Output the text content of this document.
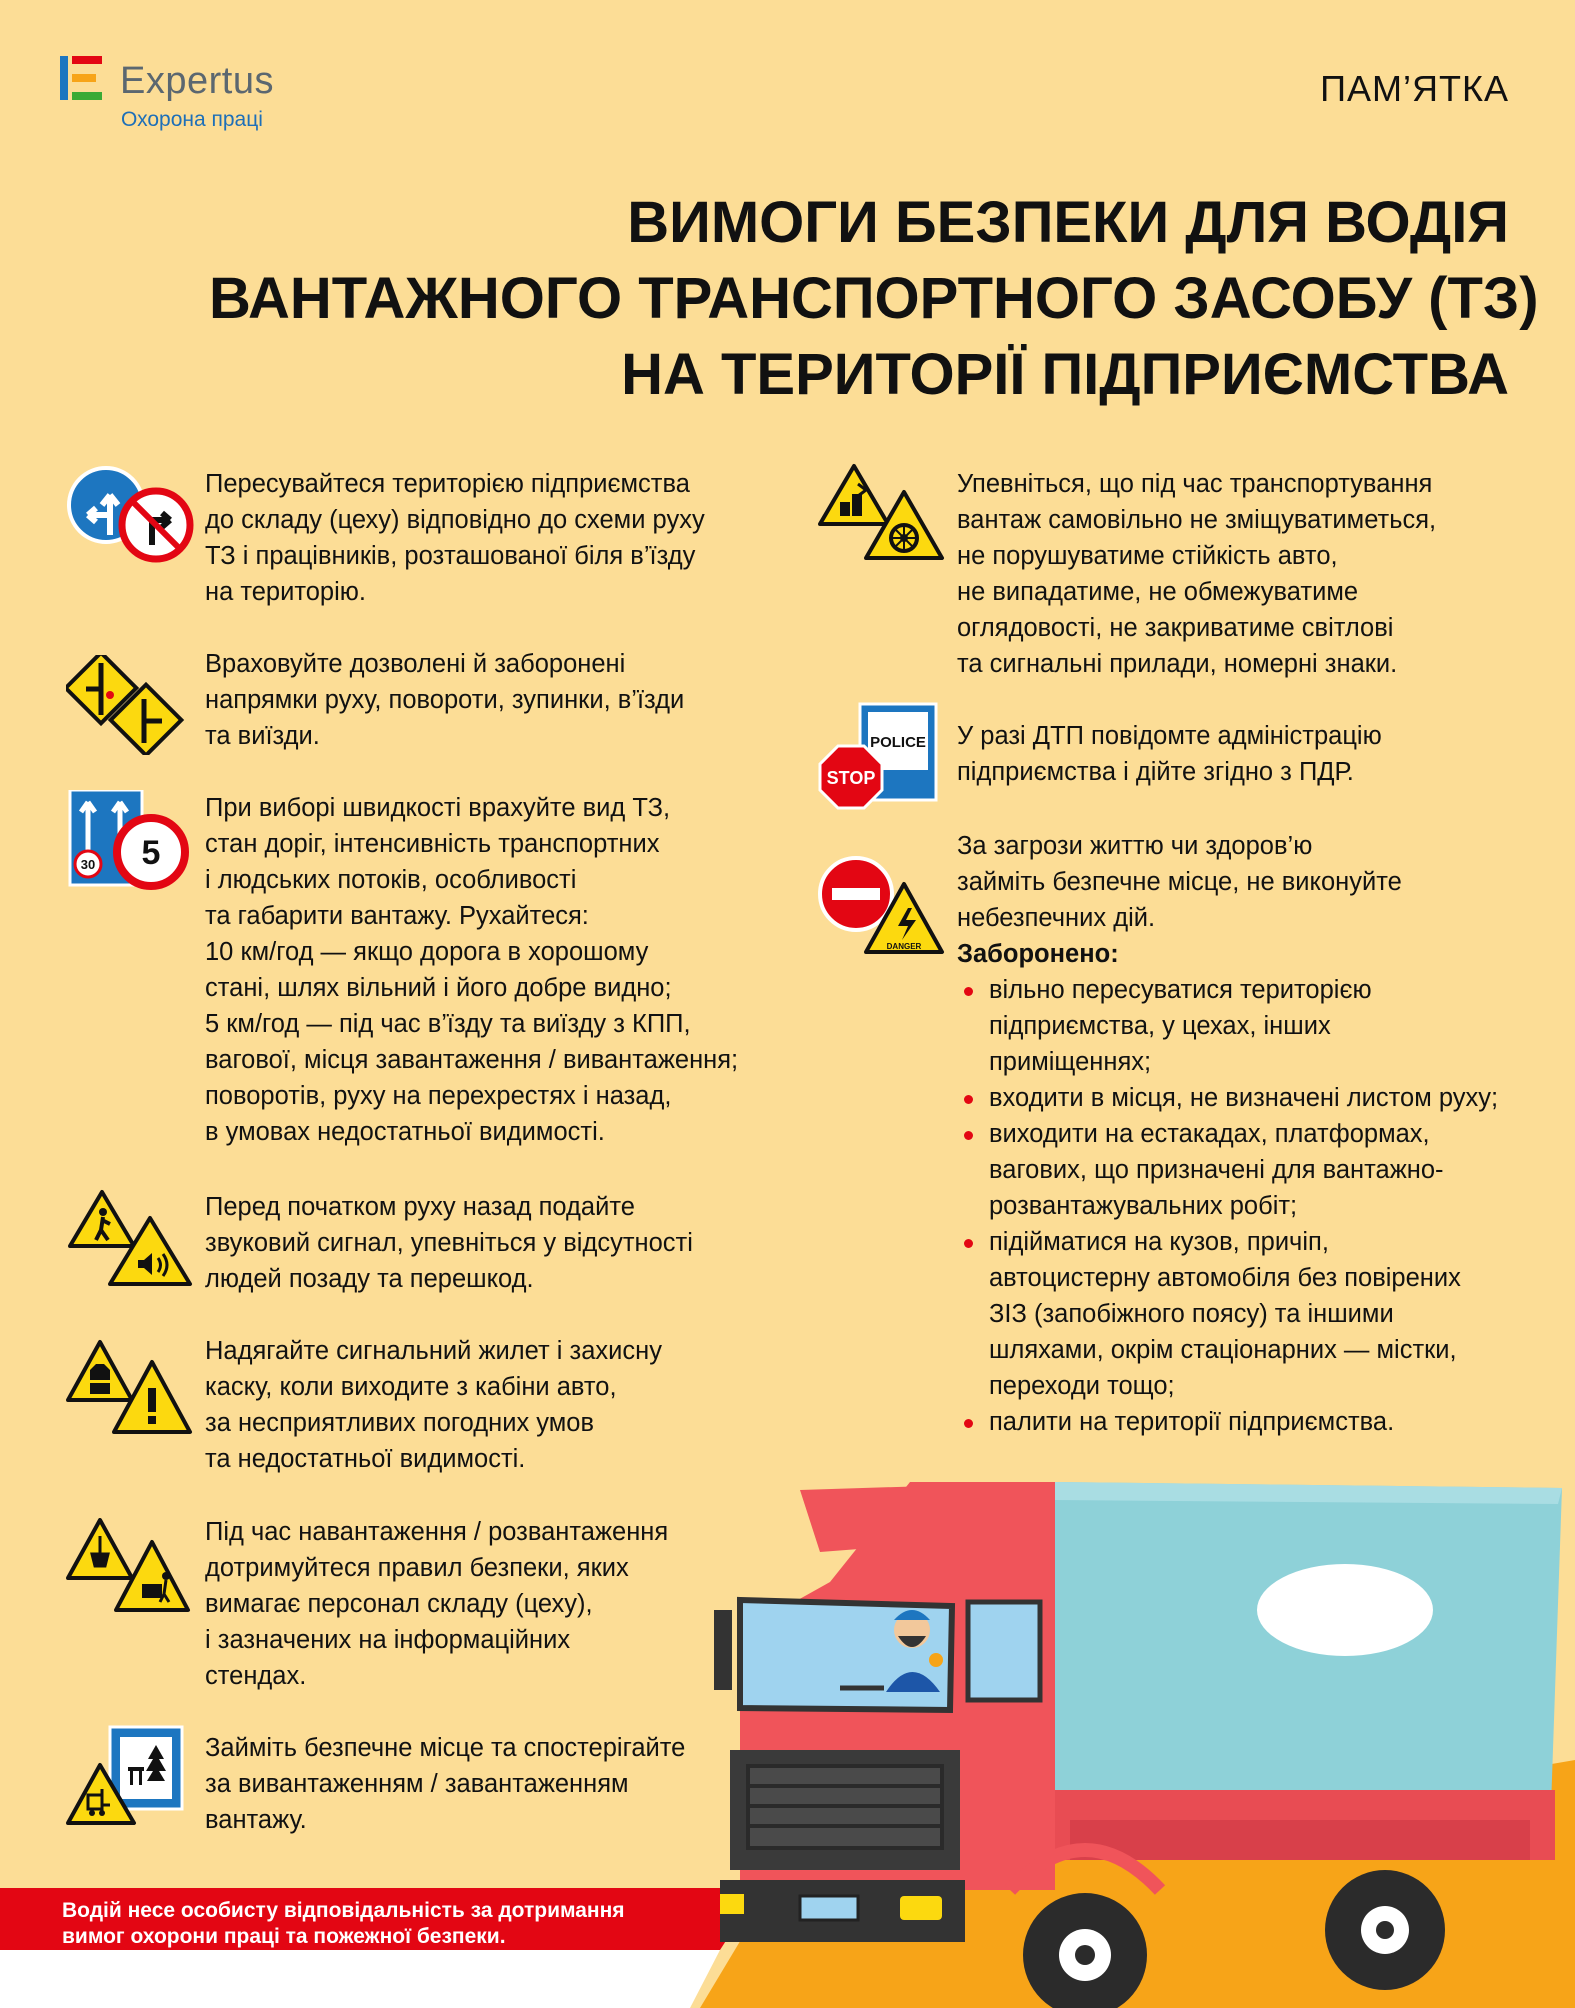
Expertus
Охорона праці
ПАМ’ЯТКА
ВИМОГИ БЕЗПЕКИ ДЛЯ ВОДІЯ
ВАНТАЖНОГО ТРАНСПОРТНОГО ЗАСОБУ (ТЗ)
НА ТЕРИТОРІЇ ПІДПРИЄМСТВА
Пересувайтеся територією підприємства
до складу (цеху) відповідно до схеми руху
ТЗ і працівників, розташованої біля в’їзду
на територію.
Враховуйте дозволені й заборонені
напрямки руху, повороти, зупинки, в’їзди
та виїзди.
30 5
При виборі швидкості врахуйте вид ТЗ,
стан доріг, інтенсивність транспортних
і людських потоків, особливості
та габарити вантажу. Рухайтеся:
10 км/год — якщо дорога в хорошому
стані, шлях вільний і його добре видно;
5 км/год — під час в’їзду та виїзду з КПП,
вагової, місця завантаження / вивантаження;
поворотів, руху на перехрестях і назад,
в умовах недостатньої видимості.
Перед початком руху назад подайте
звуковий сигнал, упевніться у відсутності
людей позаду та перешкод.
Надягайте сигнальний жилет і захисну
каску, коли виходите з кабіни авто,
за несприятливих погодних умов
та недостатньої видимості.
Під час навантаження / розвантаження
дотримуйтеся правил безпеки, яких
вимагає персонал складу (цеху),
і зазначених на інформаційних
стендах.
Займіть безпечне місце та спостерігайте
за вивантаженням / завантаженням
вантажу.
Упевніться, що під час транспортування
вантаж самовільно не зміщуватиметься,
не порушуватиме стійкість авто,
не випадатиме, не обмежуватиме
оглядовості, не закриватиме світлові
та сигнальні прилади, номерні знаки.
POLICE
STOP
У разі ДТП повідомте адміністрацію
підприємства і дійте згідно з ПДР.
DANGER
За загрози життю чи здоров’ю
займіть безпечне місце, не виконуйте
небезпечних дій.
Заборонено:
вільно пересуватися територією
підприємства, у цехах, інших
приміщеннях;
входити в місця, не визначені листом руху;
виходити на естакадах, платформах,
вагових, що призначені для вантажно-
розвантажувальних робіт;
підійматися на кузов, причіп,
автоцистерну автомобіля без повірених
ЗІЗ (запобіжного поясу) та іншими
шляхами, окрім стаціонарних — містки,
переходи тощо;
палити на території підприємства.
Водій несе особисту відповідальність за дотримання
вимог охорони праці та пожежної безпеки.
